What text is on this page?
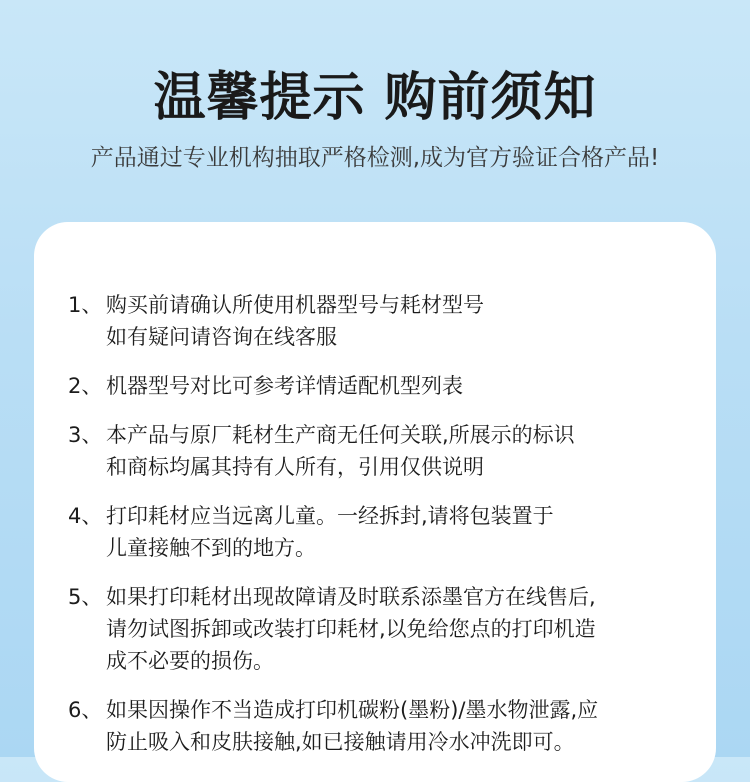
温馨提示 购前须知
产品通过专业机构抽取严格检测,成为官方验证合格产品!
1、 购买前请确认所使用机器型号与耗材型号
如有疑问请咨询在线客服
2、 机器型号对比可参考详情适配机型列表
3、 本产品与原厂耗材生产商无任何关联,所展示的标识
和商标均属其持有人所有，引用仅供说明
4、 打印耗材应当远离儿童。一经拆封,请将包装置于
儿童接触不到的地方。
5、 如果打印耗材出现故障请及时联系添墨官方在线售后,
请勿试图拆卸或改装打印耗材,以免给您点的打印机造
成不必要的损伤。
6、 如果因操作不当造成打印机碳粉(墨粉)/墨水物泄露,应
防止吸入和皮肤接触,如已接触请用冷水冲洗即可。
